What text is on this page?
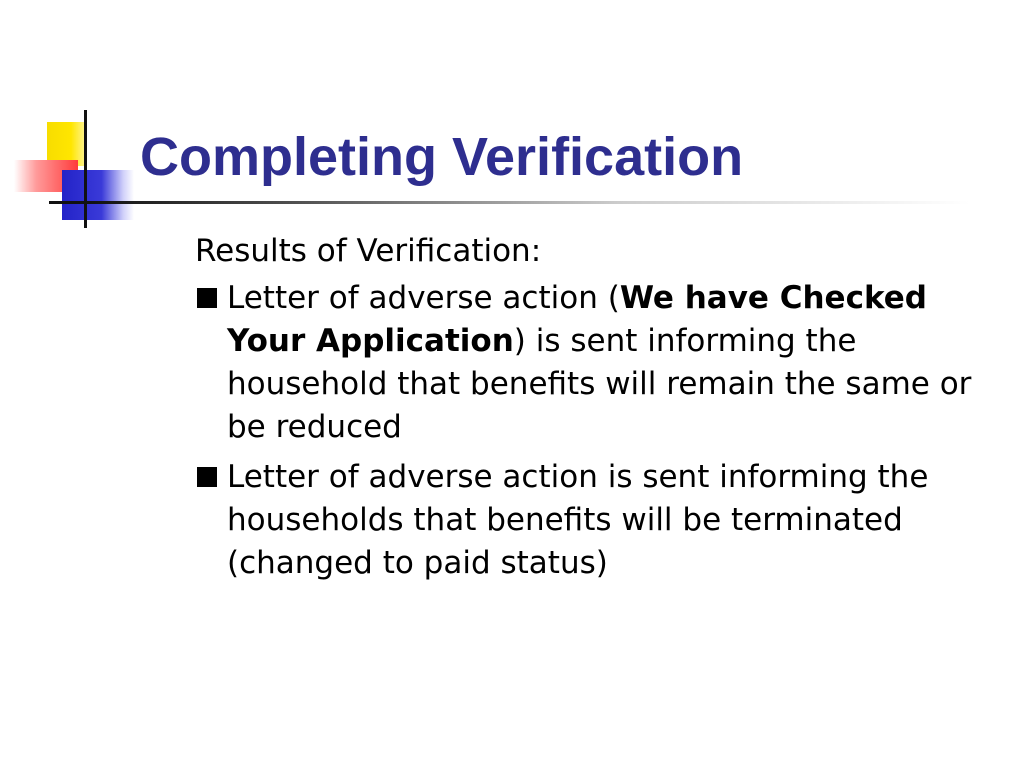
Completing Verification

Results of Verification:

Letter of adverse action (We have Checked Your Application) is sent informing the household that benefits will remain the same or be reduced
Letter of adverse action is sent informing the households that benefits will be terminated (changed to paid status)
